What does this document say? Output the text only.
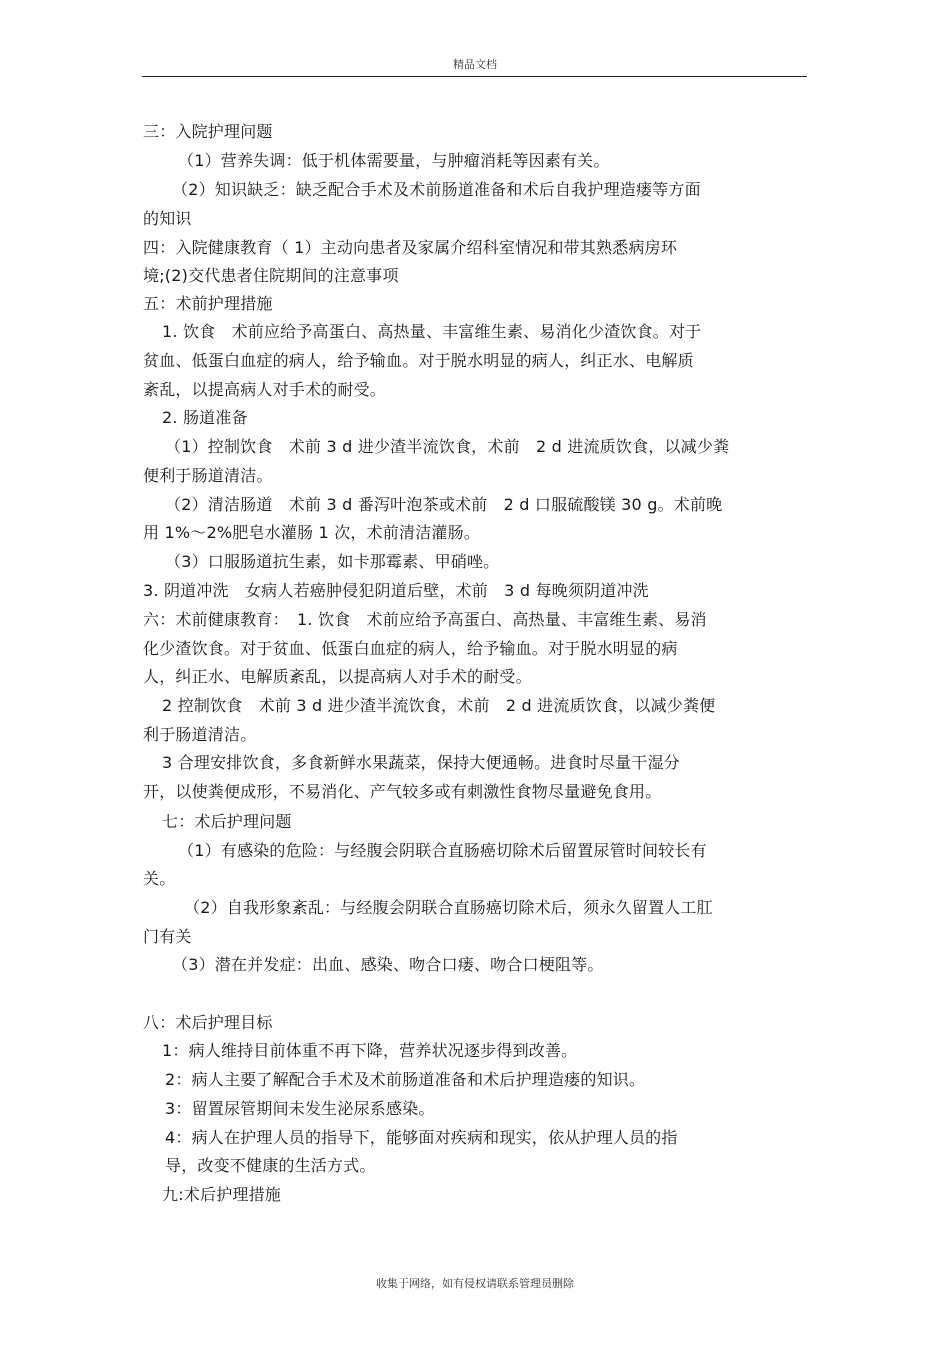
精品文档
三：入院护理问题
（1）营养失调：低于机体需要量，与肿瘤消耗等因素有关。
（2）知识缺乏：缺乏配合手术及术前肠道准备和术后自我护理造瘘等方面
的知识
四：入院健康教育（ 1）主动向患者及家属介绍科室情况和带其熟悉病房环
境;(2)交代患者住院期间的注意事项
五：术前护理措施
1. 饮食　术前应给予高蛋白、高热量、丰富维生素、易消化少渣饮食。对于
贫血、低蛋白血症的病人，给予输血。对于脱水明显的病人，纠正水、电解质
紊乱，以提高病人对手术的耐受。
2. 肠道准备
（1）控制饮食　术前 3 d 进少渣半流饮食，术前　2 d 进流质饮食，以减少粪
便利于肠道清洁。
（2）清洁肠道　术前 3 d 番泻叶泡茶或术前　2 d 口服硫酸镁 30 g。术前晚
用 1%～2%肥皂水灌肠 1 次，术前清洁灌肠。
（3）口服肠道抗生素，如卡那霉素、甲硝唑。
3. 阴道冲洗　女病人若癌肿侵犯阴道后壁，术前　3 d 每晚须阴道冲洗
六：术前健康教育：　1. 饮食　术前应给予高蛋白、高热量、丰富维生素、易消
化少渣饮食。对于贫血、低蛋白血症的病人，给予输血。对于脱水明显的病
人，纠正水、电解质紊乱，以提高病人对手术的耐受。
2 控制饮食　术前 3 d 进少渣半流饮食，术前　2 d 进流质饮食，以减少粪便
利于肠道清洁。
3 合理安排饮食，多食新鲜水果蔬菜，保持大便通畅。进食时尽量干湿分
开，以使粪便成形，不易消化、产气较多或有刺激性食物尽量避免食用。
七：术后护理问题
（1）有感染的危险：与经腹会阴联合直肠癌切除术后留置尿管时间较长有
关。
（2）自我形象紊乱：与经腹会阴联合直肠癌切除术后，须永久留置人工肛
门有关
（3）潜在并发症：出血、感染、吻合口瘘、吻合口梗阻等。
八：术后护理目标
1：病人维持目前体重不再下降，营养状况逐步得到改善。
2：病人主要了解配合手术及术前肠道准备和术后护理造瘘的知识。
3：留置尿管期间未发生泌尿系感染。
4：病人在护理人员的指导下，能够面对疾病和现实，依从护理人员的指
导，改变不健康的生活方式。
九:术后护理措施
收集于网络，如有侵权请联系管理员删除
